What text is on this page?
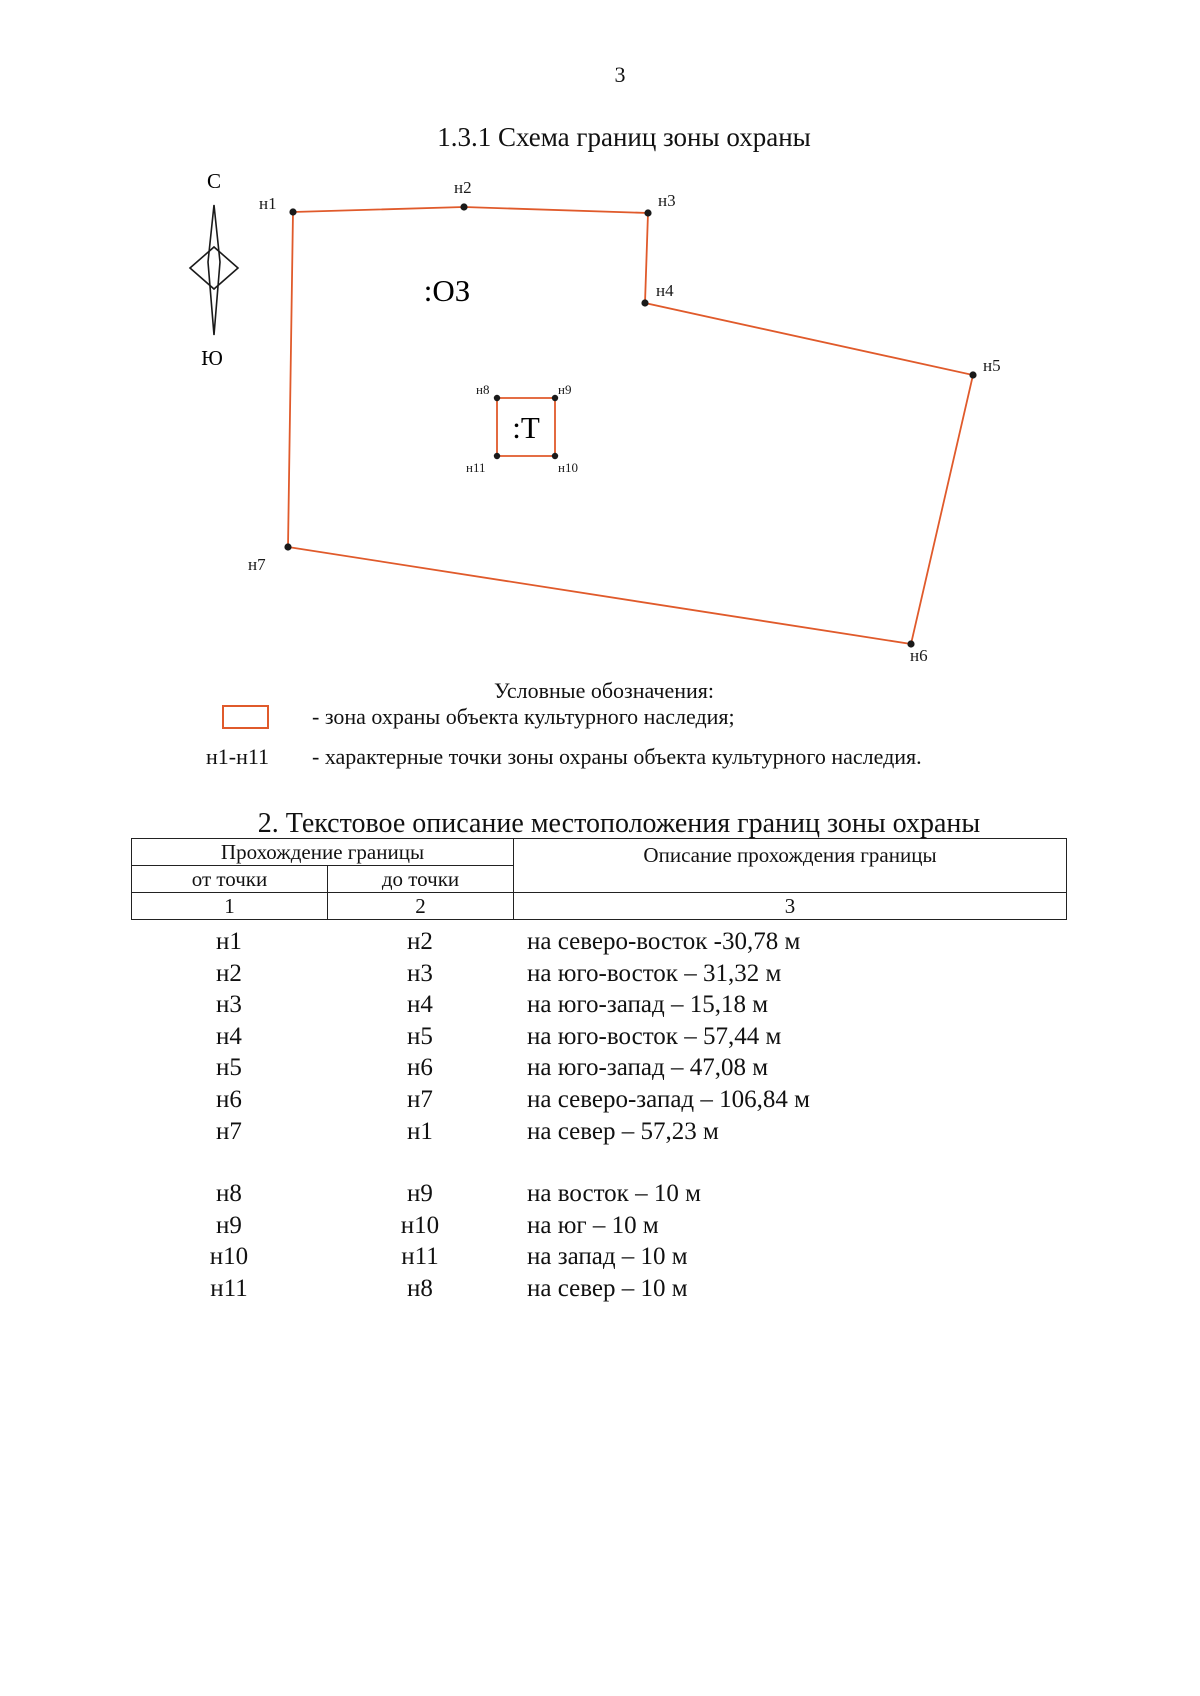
3
1.3.1 Схема границ зоны охраны
С
Ю
:ОЗ
:Т
н1
н2
н3
н4
н5
н6
н7
н8	н9
н10
н11
Условные обозначения:
- зона охраны объекта культурного наследия;
н1-н11 - характерные точки зоны охраны объекта культурного наследия.
2. Текстовое описание местоположения границ зоны охраны
Прохождение границы		Описание прохождения границы
от точки	до точки	
1	2	3
н1	н2	на северо-восток -30,78 м
н2	н3	на юго-восток – 31,32 м
н3	н4	на юго-запад – 15,18 м
н4	н5	на юго-восток – 57,44 м
н5	н6	на юго-запад – 47,08 м
н6	н7	на северо-запад – 106,84 м
н7	н1	на север – 57,23 м
н8	н9	на восток – 10 м
н9	н10	на юг – 10 м
н10	н11	на запад – 10 м
н11	н8	на север – 10 м
